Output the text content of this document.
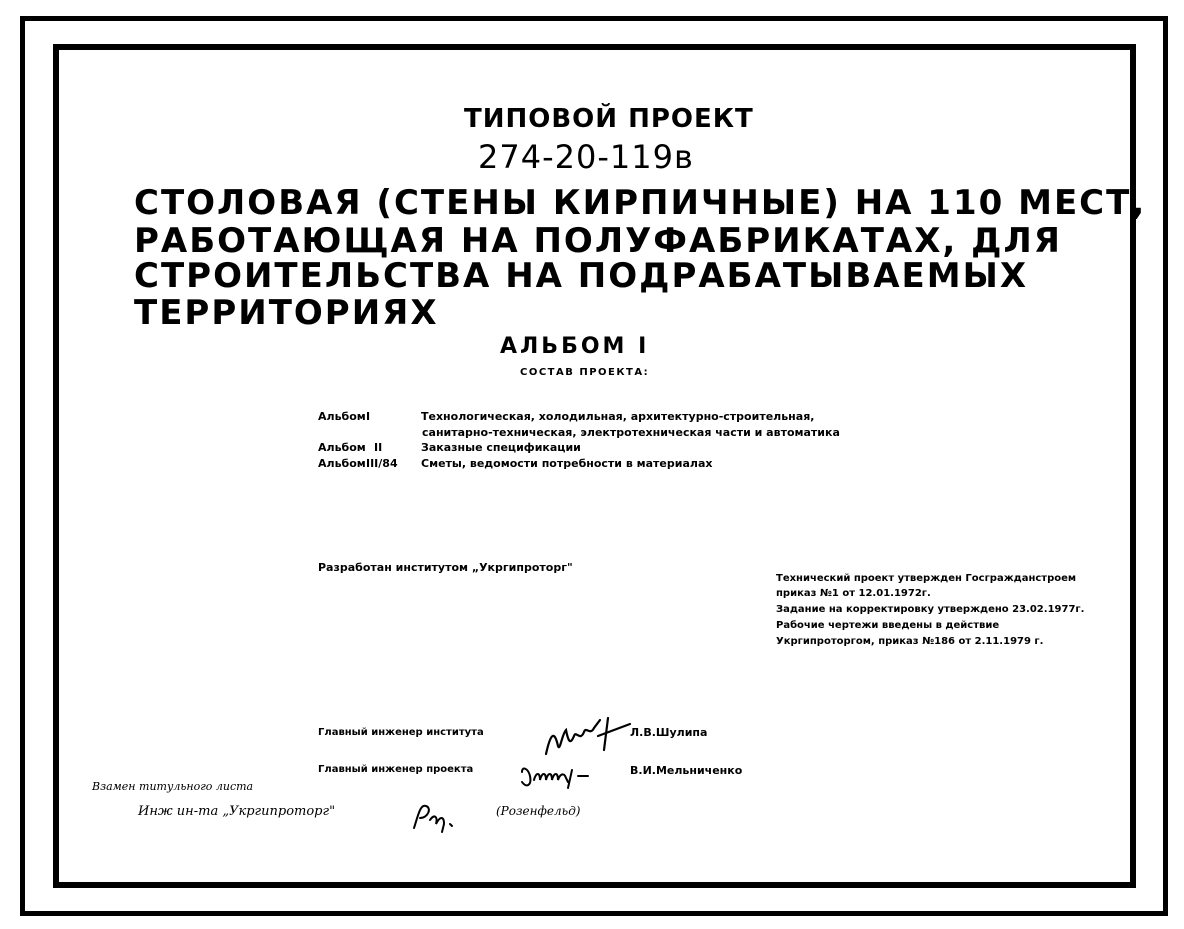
ТИПОВОЙ ПРОЕКТ
274-20-119в
СТОЛОВАЯ (СТЕНЫ КИРПИЧНЫЕ) НА 110 МЕСТ,
РАБОТАЮЩАЯ НА ПОЛУФАБРИКАТАХ, ДЛЯ
СТРОИТЕЛЬСТВА НА ПОДРАБАТЫВАЕМЫХ
ТЕРРИТОРИЯХ
АЛЬБОМ I
СОСТАВ ПРОЕКТА:
Альбом I	Технологическая, холодильная, архитектурно-строительная,
санитарно-техническая, электротехническая части и автоматика
Альбом II	Заказные спецификации
Альбом III/84 Сметы, ведомости потребности в материалах
Разработан институтом „Укргипроторг"
Технический проект утвержден Госгражданстроем
приказ №1 от 12.01.1972г.
Задание на корректировку утверждено 23.02.1977г.
Рабочие чертежи введены в действие
Укргипроторгом, приказ №186 от 2.11.1979 г.
Главный инженер института	Л.В.Шулипа
Главный инженер проекта	В.И.Мельниченко
Взамен титульного листа
Инж ин-та „Укргипроторг"	(Розенфельд)
